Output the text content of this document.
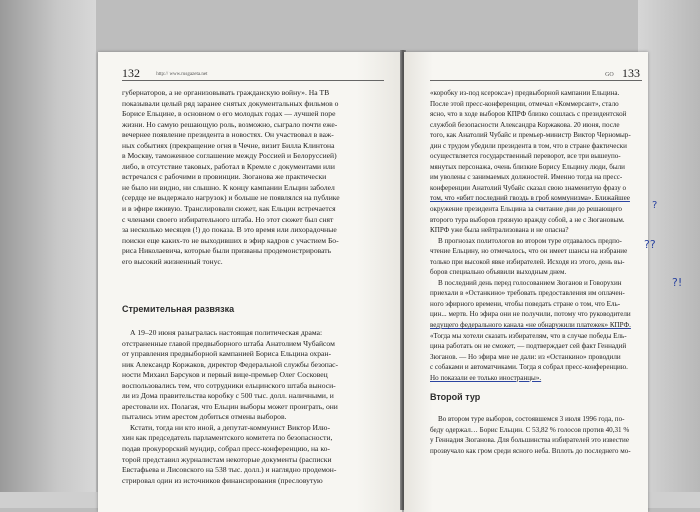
132	http:// www.rusgazeta.net
губернаторов, а не организовывать гражданскую войну». На ТВ
показывали целый ряд заранее снятых документальных фильмов о
Борисе Ельцине, в основном о его молодых годах — лучшей поре
жизни. Но самую решающую роль, возможно, сыграло почти еже-
вечернее появление президента в новостях. Он участвовал в важ-
ных событиях (прекращение огня в Чечне, визит Билла Клинтона
в Москву, таможенное соглашение между Россией и Белоруссией)
либо, в отсутствие таковых, работал в Кремле с документами или
встречался с рабочими в провинции. Зюганова же практически
не было ни видно, ни слышно. К концу кампании Ельцин заболел
(сердце не выдержало нагрузок) и больше не появлялся на публике
и в эфире вживую. Транслировали сюжет, как Ельцин встречается
с членами своего избирательного штаба. Но этот сюжет был снят
за несколько месяцев (!) до показа. В это время или лихорадочные
поиски еще каких-то не выходивших в эфир кадров с участием Бо-
риса Николаевича, которые были призваны продемонстрировать
его высокий жизненный тонус.
Стремительная развязка
А 19–20 июня разыгралась настоящая политическая драма:
отстраненные главой предвыборного штаба Анатолием Чубайсом
от управления предвыборной кампанией Бориса Ельцина охран-
ник Александр Коржаков, директор Федеральной службы безопас-
ности Михаил Барсуков и первый вице-премьер Олег Сосковец
воспользовались тем, что сотрудники ельцинского штаба выноси-
ли из Дома правительства коробку с 500 тыс. долл. наличными, и
арестовали их. Полагая, что Ельцин выборы может проиграть, они
пытались этим арестом добиться отмены выборов.
Кстати, тогда ни кто иной, а депутат-коммунист Виктор Илю-
хин как председатель парламентского комитета по безопасности,
подав прокурорский мундир, собрал пресс-конференцию, на ко-
торой представил журналистам некоторые документы (расписки
Евстафьева и Лисовского на 538 тыс. долл.) и наглядно продемон-
стрировал один из источников финансирования (пресловутую
GO 133
«коробку из-под ксерокса») предвыборной кампании Ельцина.
После этой пресс-конференции, отмечал «Коммерсант», стало
ясно, что в ходе выборов КПРФ близко сошлась с президентской
службой безопасности Александра Коржакова. 20 июня, после
того, как Анатолий Чубайс и премьер-министр Виктор Черномыр-
дин с трудом убедили президента в том, что в стране фактически
осуществляется государственный переворот, все три вышеупо-
мянутых персонажа, очень близкие Борису Ельцину люди, были
им уволены с занимаемых должностей. Именно тогда на пресс-
конференции Анатолий Чубайс сказал свою знаменитую фразу о
том, что «вбит последний гвоздь в гроб коммунизма». Ближайшее
окружение президента Ельцина за считание дни до решающего
второго тура выборов грязную вражду собой, а не с Зюгановым.
КПРФ уже была нейтрализована и не опасна?
В прогнозах политологов во втором туре отдавалось предпо-
чтение Ельцину, но отмечалось, что он имеет шансы на избрание
только при высокой явке избирателей. Исходя из этого, день вы-
боров специально объявили выходным днем.
В последний день перед голосованием Зюганов и Говорухин
приехали в «Останкино» требовать предоставления им оплачен-
ного эфирного времени, чтобы поведать стране о том, что Ель-
цин... мертв. Но эфира они не получили, потому что руководители
ведущего федерального канала «не обнаружили платежек» КПРФ.
«Тогда мы хотели сказать избирателям, что в случае победы Ель-
цина работать он не сможет, — подтверждает сей факт Геннадий
Зюганов. — Но эфира мне не дали: из «Останкино» проводили
с собаками и автоматчиками. Тогда я собрал пресс-конференцию.
Но показали ее только иностранцы».
Второй тур
Во втором туре выборов, состоявшемся 3 июля 1996 года, по-
беду одержал… Борис Ельцин. С 53,82 % голосов против 40,31 %
у Геннадия Зюганова. Для большинства избирателей это известие
прозвучало как гром среди ясного неба. Вплоть до последнего мо-
?
??
?!
